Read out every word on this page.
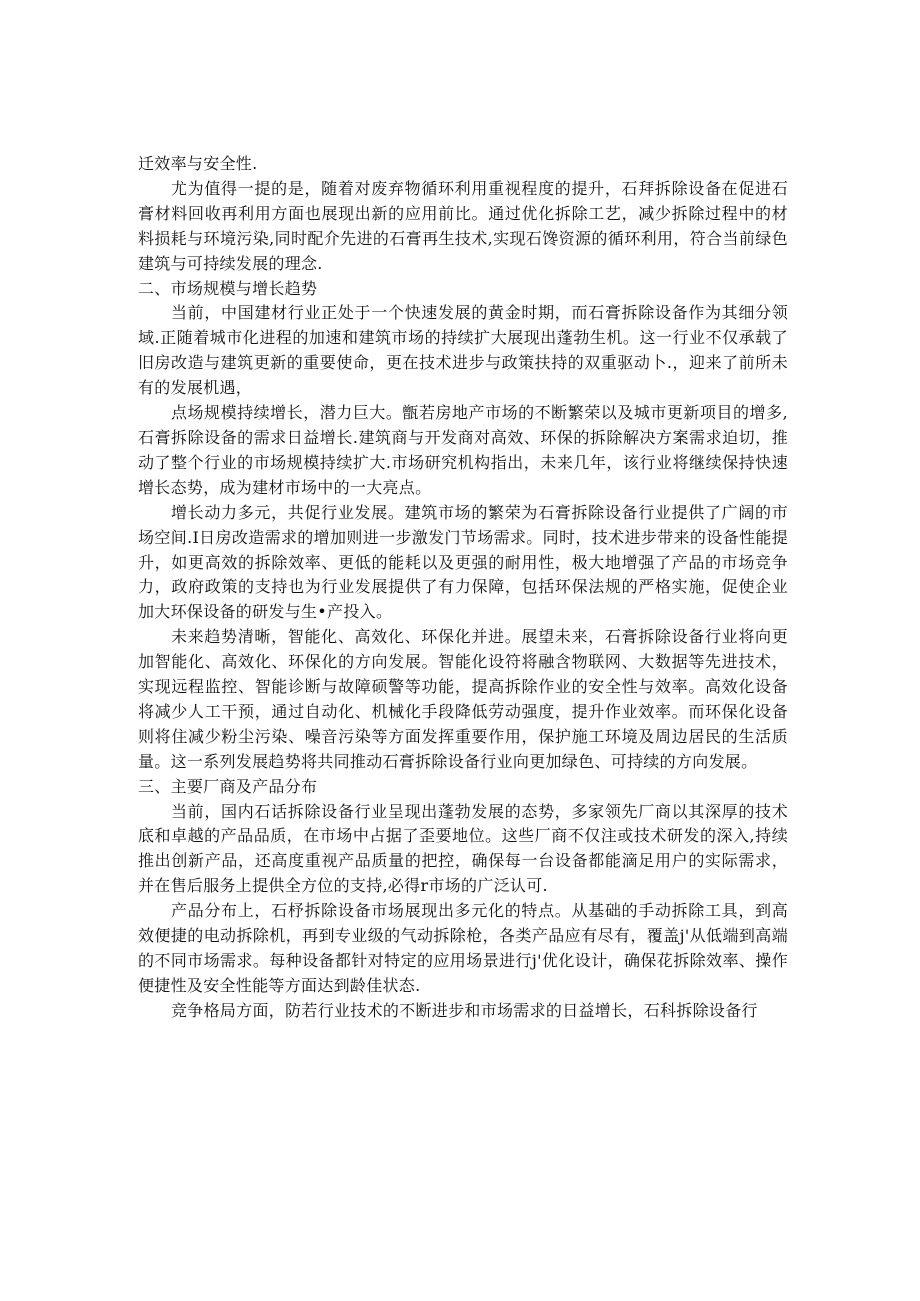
迁效率与安全性.

尤为值得一提的是，随着对废弃物循环利用重视程度的提升，石拜拆除设备在促进石膏材料回收再利用方面也展现出新的应用前比。通过优化拆除工艺，减少拆除过程中的材料损耗与环境污染,同时配介先进的石膏再生技术,实现石馋资源的循环利用，符合当前绿色建筑与可持续发展的理念.

二、市场规模与增长趋势

当前，中国建材行业正处于一个快速发展的黄金时期，而石膏拆除设备作为其细分领域.正随着城市化进程的加速和建筑市场的持续扩大展现出蓬勃生机。这一行业不仅承载了旧房改造与建筑更新的重要使命，更在技术进步与政策扶持的双重驱动卜.，迎来了前所未有的发展机遇，

点场规模持续增长，潜力巨大。甑若房地产市场的不断繁荣以及城市更新项目的增多,石膏拆除设备的需求日益增长.建筑商与开发商对高效、环保的拆除解决方案需求迫切，推动了整个行业的市场规模持续扩大.市场研究机构指出，未来几年，该行业将继续保持快速增长态势，成为建材市场中的一大亮点。

增长动力多元，共促行业发展。建筑市场的繁荣为石膏拆除设备行业提供了广阔的市场空间.I日房改造需求的增加则进一步激发门节场需求。同时，技术进步带来的设备性能提升，如更高效的拆除效率、更低的能耗以及更强的耐用性，极大地增强了产品的市场竞争力，政府政策的支持也为行业发展提供了有力保障，包括环保法规的严格实施，促使企业加大环保设备的研发与生•产投入。

未来趋势清晰，智能化、高效化、环保化并进。展望未来，石膏拆除设备行业将向更加智能化、高效化、环保化的方向发展。智能化设符将融含物联网、大数据等先进技术，实现远程监控、智能诊断与故障硕警等功能，提高拆除作业的安全性与效率。高效化设备将减少人工干预，通过自动化、机械化手段降低劳动强度，提升作业效率。而环保化设备则将住减少粉尘污染、噪音污染等方面发挥重要作用，保护施工环境及周边居民的生活质量。这一系列发展趋势将共同推动石膏拆除设备行业向更加绿色、可持续的方向发展。

三、主要厂商及产品分布

当前，国内石话拆除设备行业呈现出蓬勃发展的态势，多家领先厂商以其深厚的技术底和卓越的产品品质，在市场中占据了歪要地位。这些厂商不仅注或技术研发的深入,持续推出创新产品，还高度重视产品质量的把控，确保每一台设备都能滴足用户的实际需求，并在售后服务上提供全方位的支持,必得r市场的广泛认可.

产品分布上，石杼拆除设备市场展现出多元化的特点。从基础的手动拆除工具，到高效便捷的电动拆除机，再到专业级的气动拆除枪，各类产品应有尽有，覆盖j'从低端到高端的不同市场需求。每种设备都针对特定的应用场景进行j'优化设计，确保花拆除效率、操作便捷性及安全性能等方面达到龄佳状态.

竞争格局方面，防若行业技术的不断进步和市场需求的日益增长，石科拆除设备行
